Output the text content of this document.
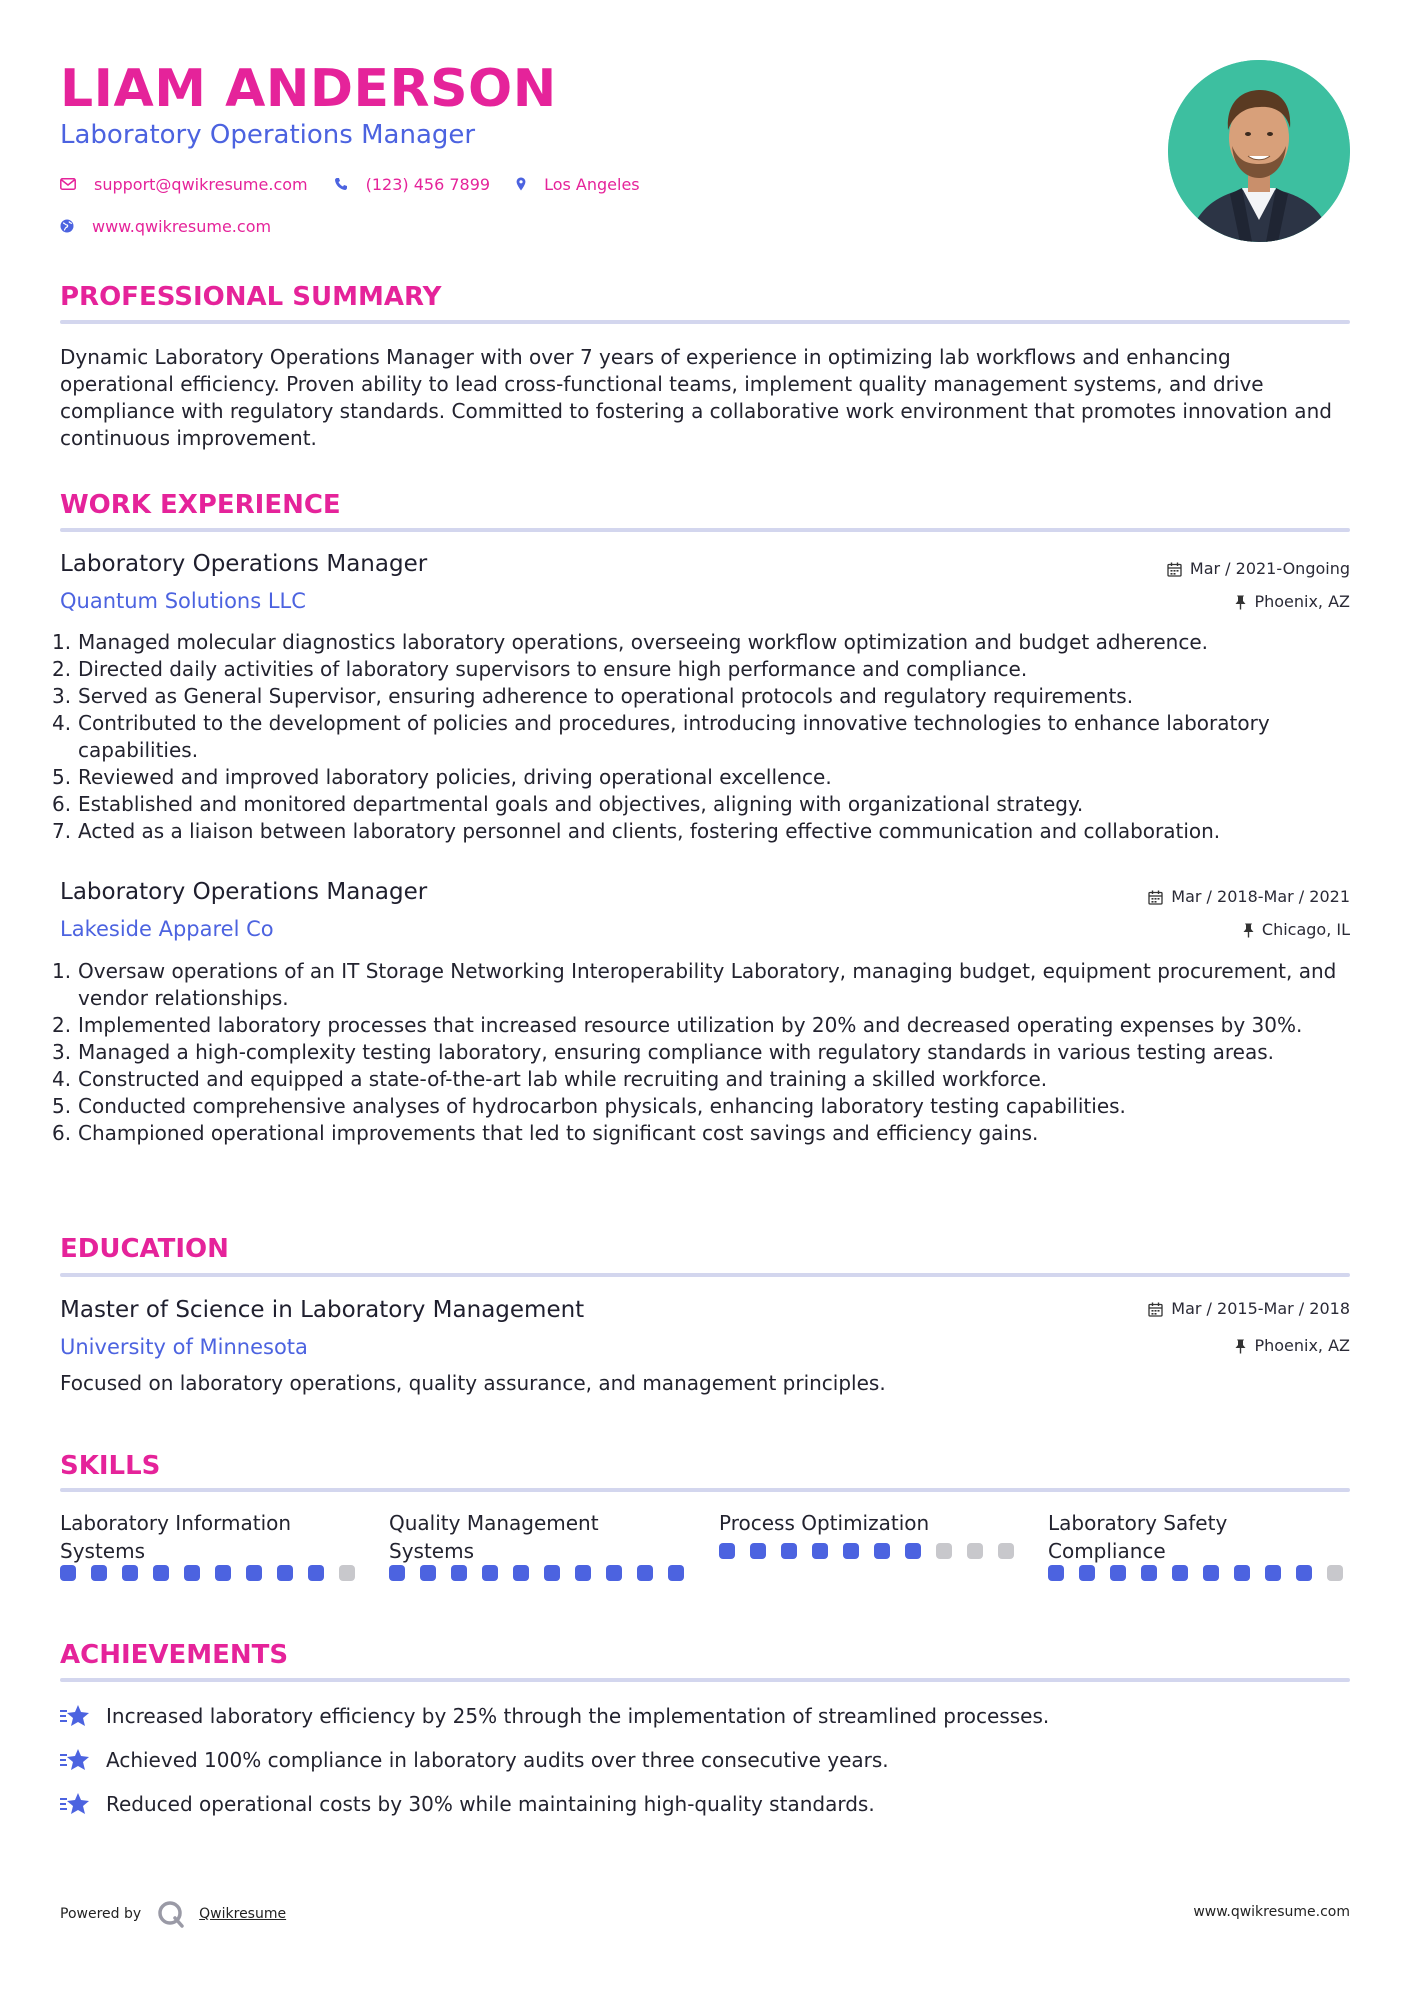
LIAM ANDERSON
Laboratory Operations Manager
support@qwikresume.com	(123) 456 7899	Los Angeles
www.qwikresume.com
PROFESSIONAL SUMMARY
Dynamic Laboratory Operations Manager with over 7 years of experience in optimizing lab workflows and enhancing operational efficiency. Proven ability to lead cross-functional teams, implement quality management systems, and drive compliance with regulatory standards. Committed to fostering a collaborative work environment that promotes innovation and continuous improvement.
WORK EXPERIENCE
Laboratory Operations Manager
Quantum Solutions LLC
Mar / 2021-Ongoing
Phoenix, AZ
1. Managed molecular diagnostics laboratory operations, overseeing workflow optimization and budget adherence.
2. Directed daily activities of laboratory supervisors to ensure high performance and compliance.
3. Served as General Supervisor, ensuring adherence to operational protocols and regulatory requirements.
4. Contributed to the development of policies and procedures, introducing innovative technologies to enhance laboratory capabilities.
5. Reviewed and improved laboratory policies, driving operational excellence.
6. Established and monitored departmental goals and objectives, aligning with organizational strategy.
7. Acted as a liaison between laboratory personnel and clients, fostering effective communication and collaboration.
Laboratory Operations Manager
Lakeside Apparel Co
Mar / 2018-Mar / 2021
Chicago, IL
1. Oversaw operations of an IT Storage Networking Interoperability Laboratory, managing budget, equipment procurement, and vendor relationships.
2. Implemented laboratory processes that increased resource utilization by 20% and decreased operating expenses by 30%.
3. Managed a high-complexity testing laboratory, ensuring compliance with regulatory standards in various testing areas.
4. Constructed and equipped a state-of-the-art lab while recruiting and training a skilled workforce.
5. Conducted comprehensive analyses of hydrocarbon physicals, enhancing laboratory testing capabilities.
6. Championed operational improvements that led to significant cost savings and efficiency gains.
EDUCATION
Master of Science in Laboratory Management
University of Minnesota
Mar / 2015-Mar / 2018
Phoenix, AZ
Focused on laboratory operations, quality assurance, and management principles.
SKILLS
Laboratory Information Systems
Quality Management Systems
Process Optimization	Laboratory Safety Compliance
ACHIEVEMENTS
Increased laboratory efficiency by 25% through the implementation of streamlined processes.
Achieved 100% compliance in laboratory audits over three consecutive years.
Reduced operational costs by 30% while maintaining high-quality standards.
Powered by	Qwikresume	www.qwikresume.com
